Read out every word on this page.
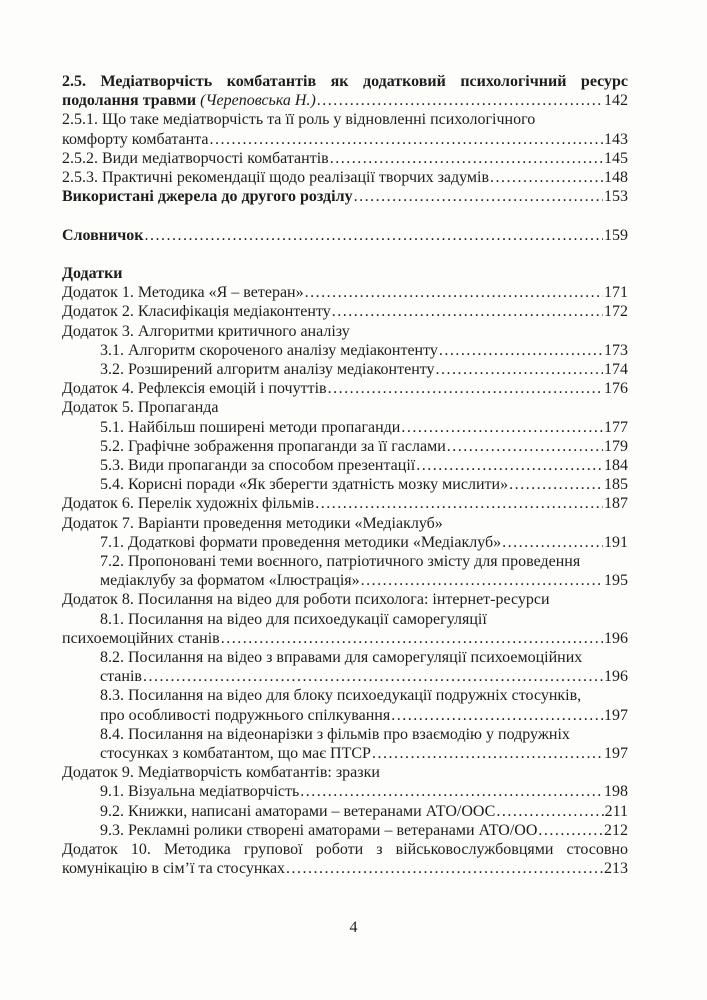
2.5. Медіатворчість комбатантів як додатковий психологічний ресурс
подолання травми (Череповська Н.) .....	142
2.5.1. Що таке медіатворчість та її роль у відновленні психологічного
комфорту комбатанта .....	143
2.5.2. Види медіатворчості комбатантів .....	145
2.5.3. Практичні рекомендації щодо реалізації творчих задумів .....	148
Використані джерела до другого розділу .....	153
Словничок .....	159
Додатки
Додаток 1. Методика «Я – ветеран» .....	171
Додаток 2. Класифікація медіаконтенту .....	172
Додаток 3. Алгоритми критичного аналізу
3.1. Алгоритм скороченого аналізу медіаконтенту .....	173
3.2. Розширений алгоритм аналізу медіаконтенту .....	174
Додаток 4. Рефлексія емоцій і почуттів .....	176
Додаток 5. Пропаганда
5.1. Найбільш поширені методи пропаганди .....	177
5.2. Графічне зображення пропаганди за її гаслами .....	179
5.3. Види пропаганди за способом презентації .....	184
5.4. Корисні поради «Як зберегти здатність мозку мислити» .....	185
Додаток 6. Перелік художніх фільмів .....	187
Додаток 7. Варіанти проведення методики «Медіаклуб»
7.1. Додаткові формати проведення методики «Медіаклуб» .....	191
7.2. Пропоновані теми воєнного, патріотичного змісту для проведення
медіаклубу за форматом «Ілюстрація» .....	195
Додаток 8. Посилання на відео для роботи психолога: інтернет-ресурси
8.1. Посилання на відео для психоедукації саморегуляції
психоемоційних станів .....	196
8.2. Посилання на відео з вправами для саморегуляції психоемоційних
станів .....	196
8.3. Посилання на відео для блоку психоедукації подружніх стосунків,
про особливості подружнього спілкування .....	197
8.4. Посилання на відеонарізки з фільмів про взаємодію у подружніх
стосунках з комбатантом, що має ПТСР .....	197
Додаток 9. Медіатворчість комбатантів: зразки
9.1. Візуальна медіатворчість .....	198
9.2. Книжки, написані аматорами – ветеранами АТО/ООС .....	211
9.3. Рекламні ролики створені аматорами – ветеранами АТО/ОО .....	212
Додаток 10. Методика групової роботи з військовослужбовцями стосовно
комунікацію в сім’ї та стосунках .....	213
4
